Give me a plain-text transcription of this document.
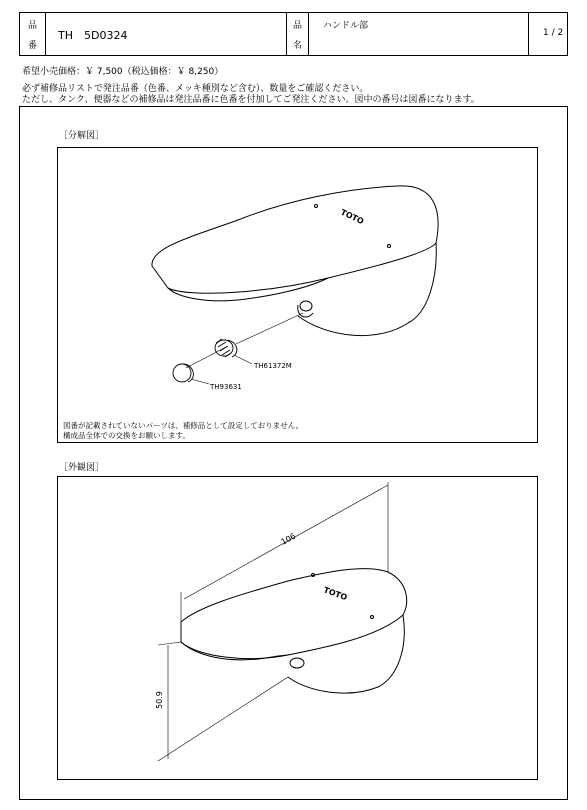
品
番
TH　5D0324
品
名
ハンドル部
1 / 2
希望小売価格：￥ 7,500（税込価格：￥ 8,250）
必ず補修品リストで発注品番（色番、メッキ種別など含む）、数量をご確認ください。
ただし、タンク、便器などの補修品は発注品番に色番を付加してご発注ください。図中の番号は図番になります。
［分解図］
TOTO
TH61372M
TH93631
図番が記載されていないパーツは、補修品として設定しておりません。
構成品全体での交換をお願いします。
［外観図］
TOTO
106
50.9
